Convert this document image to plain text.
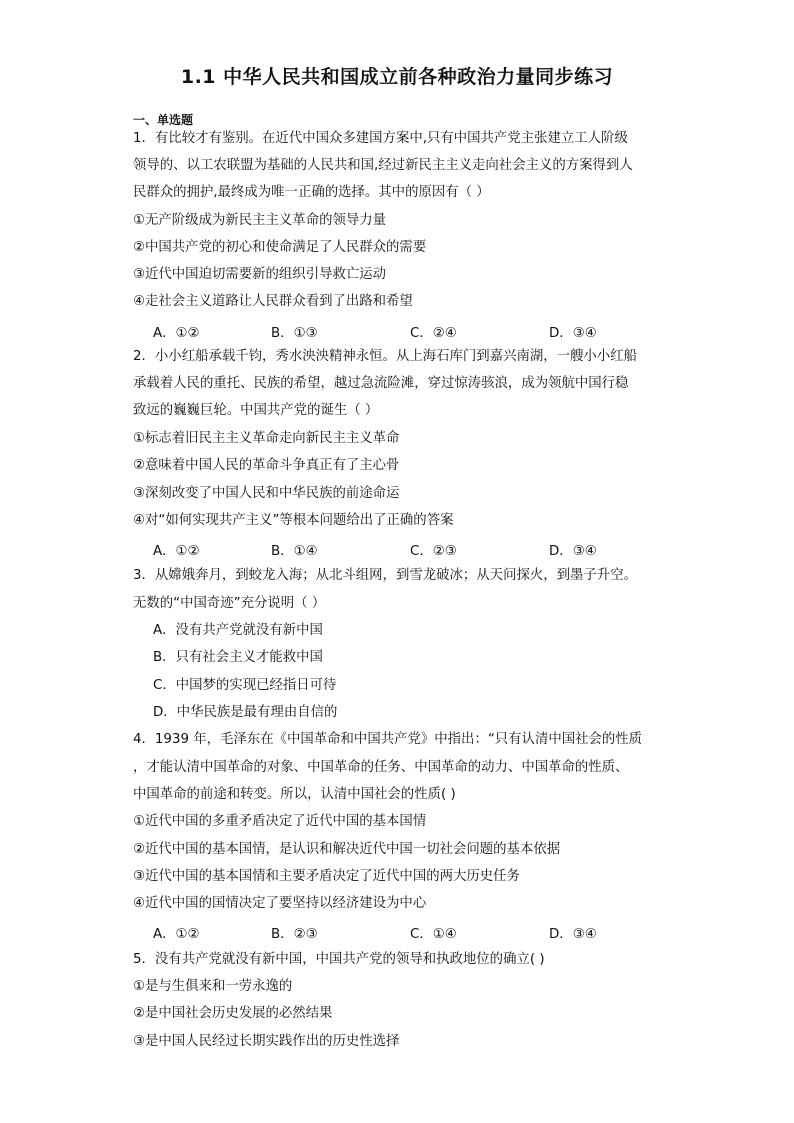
1.1 中华人民共和国成立前各种政治力量同步练习
一、单选题
1．有比较才有鉴别。在近代中国众多建国方案中,只有中国共产党主张建立工人阶级
领导的、以工农联盟为基础的人民共和国,经过新民主主义走向社会主义的方案得到人
民群众的拥护,最终成为唯一正确的选择。其中的原因有（ ）
①无产阶级成为新民主主义革命的领导力量
②中国共产党的初心和使命满足了人民群众的需要
③近代中国迫切需要新的组织引导救亡运动
④走社会主义道路让人民群众看到了出路和希望
A．①②	B．①③	C．②④	D．③④
2．小小红船承载千钧，秀水泱泱精神永恒。从上海石库门到嘉兴南湖，一艘小小红船
承载着人民的重托、民族的希望，越过急流险滩，穿过惊涛骇浪，成为领航中国行稳
致远的巍巍巨轮。中国共产党的诞生（ ）
①标志着旧民主主义革命走向新民主主义革命
②意味着中国人民的革命斗争真正有了主心骨
③深刻改变了中国人民和中华民族的前途命运
④对“如何实现共产主义”等根本问题给出了正确的答案
A．①②	B．①④	C．②③	D．③④
3．从嫦娥奔月，到蛟龙入海；从北斗组网，到雪龙破冰；从天问探火，到墨子升空。
无数的“中国奇迹”充分说明（ ）
A．没有共产党就没有新中国
B．只有社会主义才能救中国
C．中国梦的实现已经指日可待
D．中华民族是最有理由自信的
4．1939 年，毛泽东在《中国革命和中国共产党》中指出：“只有认清中国社会的性质
，才能认清中国革命的对象、中国革命的任务、中国革命的动力、中国革命的性质、
中国革命的前途和转变。所以，认清中国社会的性质( )
①近代中国的多重矛盾决定了近代中国的基本国情
②近代中国的基本国情，是认识和解决近代中国一切社会问题的基本依据
③近代中国的基本国情和主要矛盾决定了近代中国的两大历史任务
④近代中国的国情决定了要坚持以经济建设为中心
A．①②	B．②③	C．①④	D．③④
5．没有共产党就没有新中国，中国共产党的领导和执政地位的确立( )
①是与生俱来和一劳永逸的
②是中国社会历史发展的必然结果
③是中国人民经过长期实践作出的历史性选择
